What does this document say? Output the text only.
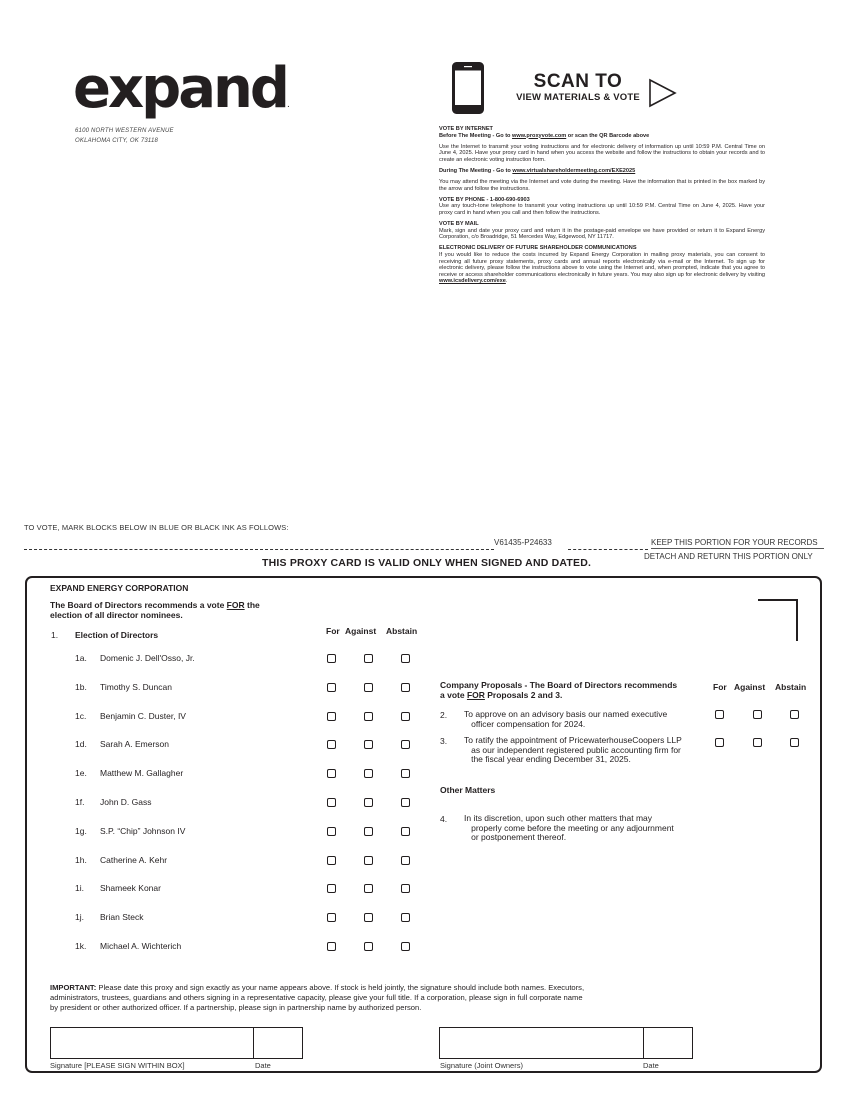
expand.
6100 NORTH WESTERN AVENUE
OKLAHOMA CITY, OK 73118
SCAN TO
VIEW MATERIALS & VOTE

VOTE BY INTERNET

Before The Meeting - Go to www.proxyvote.com or scan the QR Barcode above

Use the Internet to transmit your voting instructions and for electronic delivery of information up until 10:59 P.M. Central Time on June 4, 2025. Have your proxy card in hand when you access the website and follow the instructions to obtain your records and to create an electronic voting instruction form.

During The Meeting - Go to www.virtualshareholdermeeting.com/EXE2025

You may attend the meeting via the Internet and vote during the meeting. Have the information that is printed in the box marked by the arrow and follow the instructions.

VOTE BY PHONE - 1-800-690-6903

Use any touch-tone telephone to transmit your voting instructions up until 10:59 P.M. Central Time on June 4, 2025. Have your proxy card in hand when you call and then follow the instructions.

VOTE BY MAIL

Mark, sign and date your proxy card and return it in the postage-paid envelope we have provided or return it to Expand Energy Corporation, c/o Broadridge, 51 Mercedes Way, Edgewood, NY 11717.

ELECTRONIC DELIVERY OF FUTURE SHAREHOLDER COMMUNICATIONS

If you would like to reduce the costs incurred by Expand Energy Corporation in mailing proxy materials, you can consent to receiving all future proxy statements, proxy cards and annual reports electronically via e-mail or the Internet. To sign up for electronic delivery, please follow the instructions above to vote using the Internet and, when prompted, indicate that you agree to receive or access shareholder communications electronically in future years. You may also sign up for electronic delivery by visiting www.icsdelivery.com/exe.

TO VOTE, MARK BLOCKS BELOW IN BLUE OR BLACK INK AS FOLLOWS:
V61435-P24633	KEEP THIS PORTION FOR YOUR RECORDS
THIS PROXY CARD IS VALID ONLY WHEN SIGNED AND DATED.
DETACH AND RETURN THIS PORTION ONLY
EXPAND ENERGY CORPORATION
The Board of Directors recommends a vote FOR the
election of all director nominees.
1. Election of Directors	For Against Abstain
1a. Domenic J. Dell'Osso, Jr.
1b. Timothy S. Duncan
1c. Benjamin C. Duster, IV
1d. Sarah A. Emerson
1e. Matthew M. Gallagher
1f. John D. Gass
1g. S.P. “Chip” Johnson IV
1h. Catherine A. Kehr
1i. Shameek Konar
1j. Brian Steck
1k. Michael A. Wichterich
Company Proposals - The Board of Directors recommends
a vote FOR Proposals 2 and 3.
For Against Abstain
2. To approve on an advisory basis our named executive
officer compensation for 2024.
3. To ratify the appointment of PricewaterhouseCoopers LLP
as our independent registered public accounting firm for
the fiscal year ending December 31, 2025.
Other Matters
4. In its discretion, upon such other matters that may
properly come before the meeting or any adjournment
or postponement thereof.
IMPORTANT: Please date this proxy and sign exactly as your name appears above. If stock is held jointly, the signature should include both names. Executors,
administrators, trustees, guardians and others signing in a representative capacity, please give your full title. If a corporation, please sign in full corporate name
by president or other authorized officer. If a partnership, please sign in partnership name by authorized person.
Signature [PLEASE SIGN WITHIN BOX]	Date	Signature (Joint Owners)	Date
